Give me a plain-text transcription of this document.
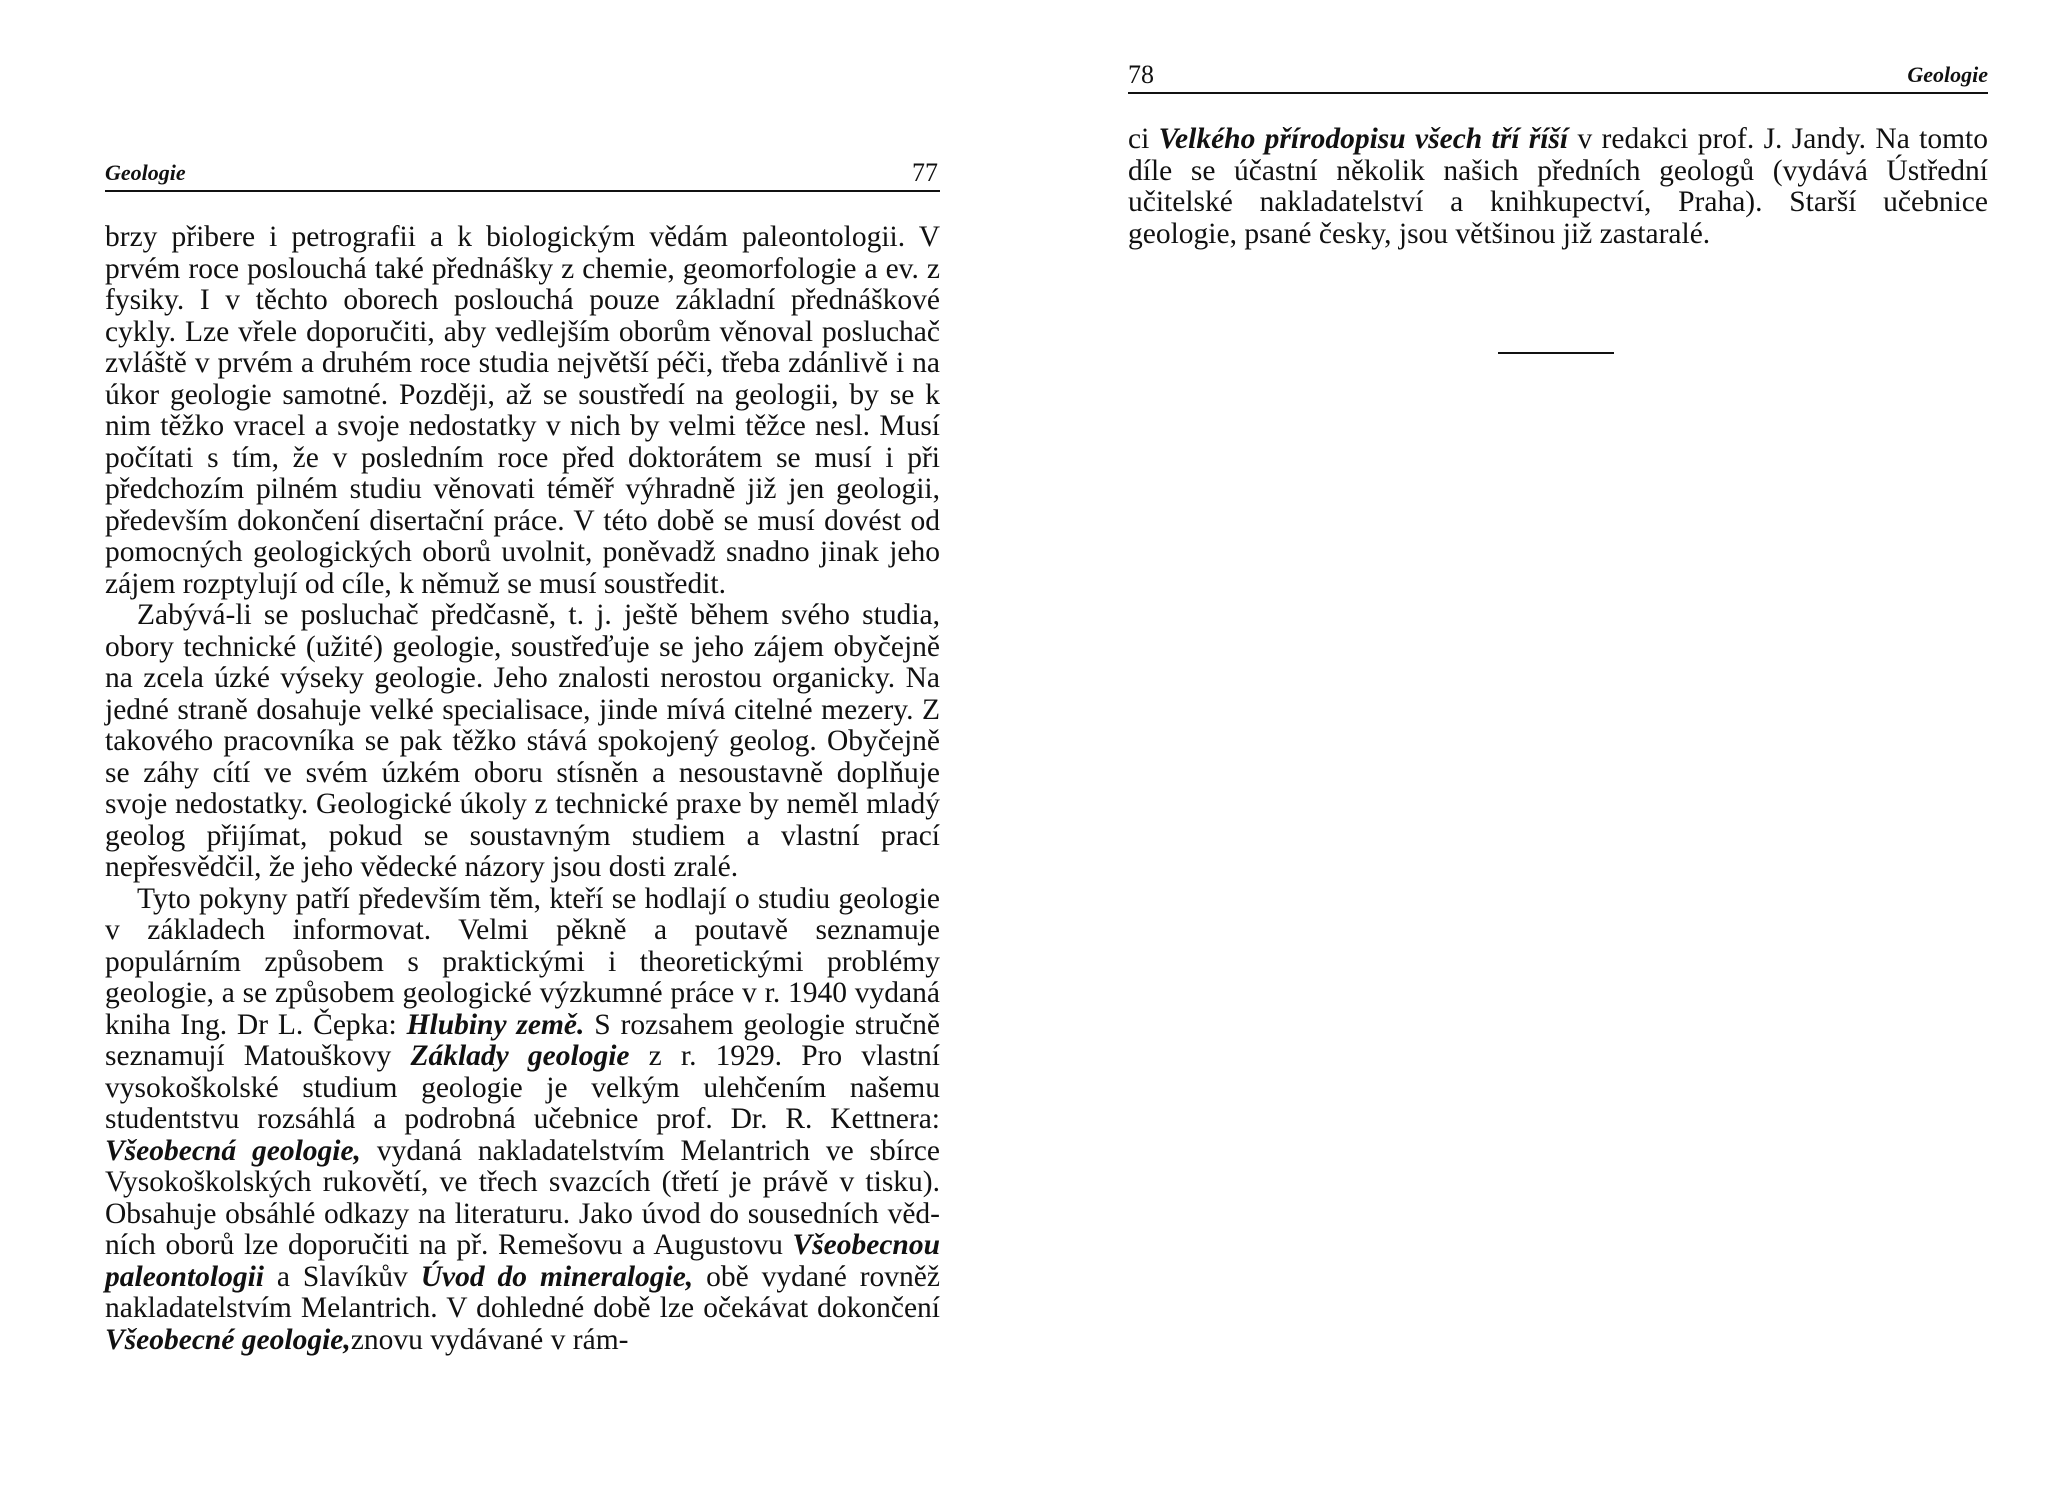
Geologie	77

brzy přibere i petrografii a k biologickým vědám paleontologii. V prvém roce poslouchá také přednášky z chemie, geomorfologie a ev. z fysiky. I v těchto oborech poslouchá pouze základní přednáškové cykly. Lze vřele doporučiti, aby vedlejším oborům věnoval posluchač zvláště v prvém a druhém roce studia největší péči, třeba zdánlivě i na úkor geologie samotné. Později, až se soustředí na geologii, by se k nim těžko vracel a svoje nedostatky v nich by velmi těžce nesl. Musí počítati s tím, že v posledním roce před doktorátem se musí i při předchozím pilném studiu věnovati téměř výhradně již jen geologii, především dokončení disertační práce. V této době se musí dovést od pomocných geologických oborů uvolnit, poněvadž snadno jinak jeho zájem rozptylují od cíle, k němuž se musí soustředit.

Zabývá-li se posluchač předčasně, t. j. ještě během svého studia, obory technické (užité) geologie, soustřeďuje se jeho zájem obyčejně na zcela úzké výseky geologie. Jeho znalosti nerostou organicky. Na jedné straně dosahuje velké specialisace, jinde mívá citelné mezery. Z takového pracovníka se pak těžko stává spokojený geolog. Obyčejně se záhy cítí ve svém úzkém oboru stísněn a nesoustavně doplňuje svoje nedostatky. Geologické úkoly z technické praxe by neměl mladý geolog přijímat, pokud se soustavným studiem a vlastní prací nepřesvědčil, že jeho vědecké názory jsou dosti zralé.

Tyto pokyny patří především těm, kteří se hodlají o studiu geologie v základech informovat. Velmi pěkně a poutavě seznamuje populárním způsobem s praktickými i theoretickými problémy geologie, a se způsobem geologické výzkumné práce v r. 1940 vydaná kniha Ing. Dr L. Čepka: Hlubiny země. S rozsahem geologie stručně seznamují Matouškovy Základy geologie z r. 1929. Pro vlastní vysokoškolské studium geologie je velkým ulehčením našemu studentstvu rozsáhlá a podrobná učebnice prof. Dr. R. Kettnera: Všeobecná geologie, vydaná nakladatelstvím Melantrich ve sbírce Vysokoškolských rukovětí, ve třech svazcích (třetí je právě v tisku). Obsahuje obsáhlé odkazy na literaturu. Jako úvod do sousedních vědních oborů lze doporučiti na př. Remešovu a Augustovu Všeobecnou paleontologii a Slavíkův Úvod do mineralogie, obě vydané rovněž nakladatelstvím Melantrich. V dohledné době lze očekávat dokončení Všeobecné geologie,znovu vydávané v rám-

78	Geologie

ci Velkého přírodopisu všech tří říší v redakci prof. J. Jandy. Na tomto díle se účastní několik našich předních geologů (vydává Ústřední učitelské nakladatelství a knihkupectví, Praha). Starší učebnice geologie, psané česky, jsou většinou již zastaralé.
